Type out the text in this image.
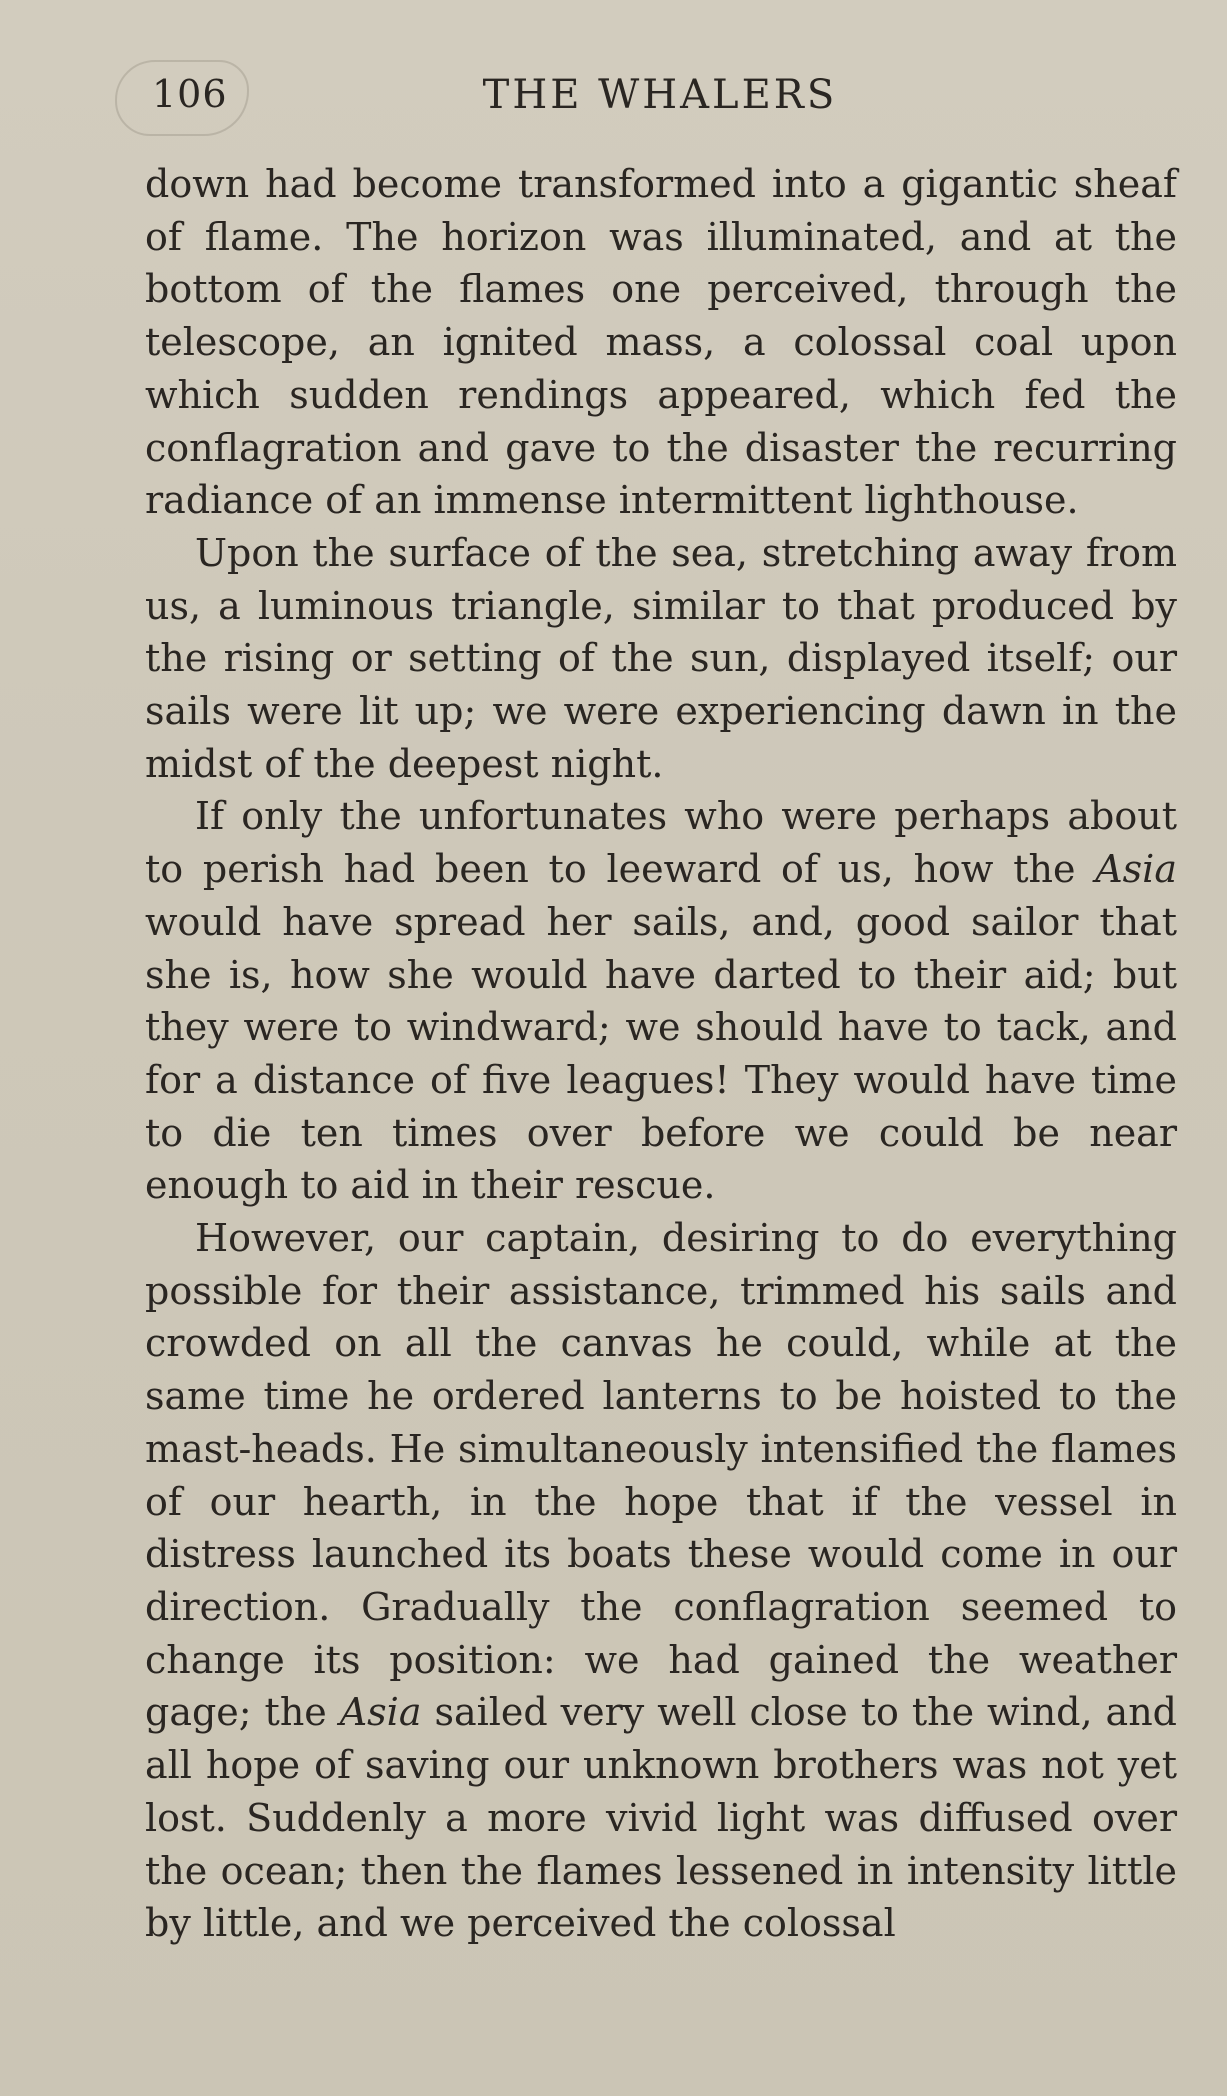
106	THE WHALERS

down had become transformed into a gigantic sheaf of flame. The horizon was illuminated, and at the bottom of the flames one perceived, through the telescope, an ignited mass, a colossal coal upon which sudden rendings appeared, which fed the conflagration and gave to the disaster the recurring radiance of an immense intermittent lighthouse.

Upon the surface of the sea, stretching away from us, a luminous triangle, similar to that produced by the rising or setting of the sun, displayed itself; our sails were lit up; we were experiencing dawn in the midst of the deepest night.

If only the unfortunates who were perhaps about to perish had been to leeward of us, how the Asia would have spread her sails, and, good sailor that she is, how she would have darted to their aid; but they were to windward; we should have to tack, and for a distance of five leagues! They would have time to die ten times over before we could be near enough to aid in their rescue.

However, our captain, desiring to do everything possible for their assistance, trimmed his sails and crowded on all the canvas he could, while at the same time he ordered lanterns to be hoisted to the mast-heads. He simultaneously intensified the flames of our hearth, in the hope that if the vessel in distress launched its boats these would come in our direction. Gradually the conflagration seemed to change its position: we had gained the weather gage; the Asia sailed very well close to the wind, and all hope of saving our unknown brothers was not yet lost. Suddenly a more vivid light was diffused over the ocean; then the flames lessened in intensity little by little, and we perceived the colossal
